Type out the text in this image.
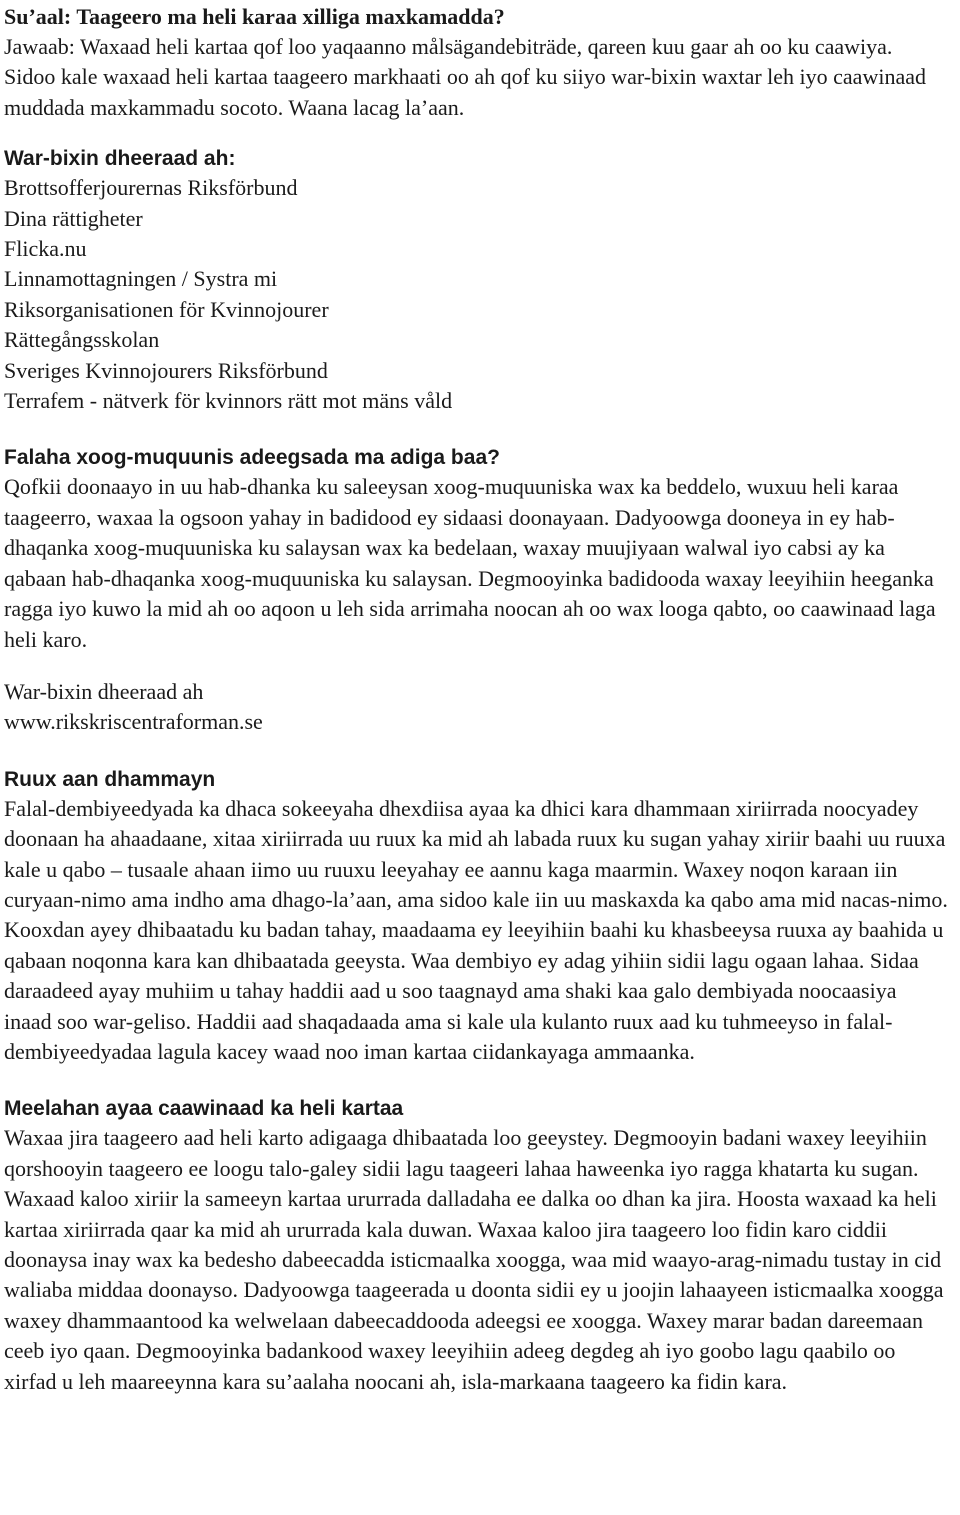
Su’aal: Taageero ma heli karaa xilliga maxkamadda?

Jawaab: Waxaad heli kartaa qof loo yaqaanno målsägandebiträde, qareen kuu gaar ah oo ku caawiya. Sidoo kale waxaad heli kartaa taageero markhaati oo ah qof ku siiyo war-bixin waxtar leh iyo caawinaad muddada maxkammadu socoto. Waana lacag la’aan.

War-bixin dheeraad ah:
Brottsofferjourernas Riksförbund
Dina rättigheter
Flicka.nu
Linnamottagningen / Systra mi
Riksorganisationen för Kvinnojourer
Rättegångsskolan
Sveriges Kvinnojourers Riksförbund
Terrafem - nätverk för kvinnors rätt mot mäns våld
Falaha xoog-muquunis adeegsada ma adiga baa?

Qofkii doonaayo in uu hab-dhanka ku saleeysan xoog-muquuniska wax ka beddelo, wuxuu heli karaa taageerro, waxaa la ogsoon yahay in badidood ey sidaasi doonayaan. Dadyoowga dooneya in ey hab-dhaqanka xoog-muquuniska ku salaysan wax ka bedelaan, waxay muujiyaan walwal iyo cabsi ay ka qabaan hab-dhaqanka xoog-muquuniska ku salaysan. Degmooyinka badidooda waxay leeyihiin heeganka ragga iyo kuwo la mid ah oo aqoon u leh sida arrimaha noocan ah oo wax looga qabto, oo caawinaad laga heli karo.

War-bixin dheeraad ah
www.rikskriscentraforman.se
Ruux aan dhammayn

Falal-dembiyeedyada ka dhaca sokeeyaha dhexdiisa ayaa ka dhici kara dhammaan xiriirrada noocyadey doonaan ha ahaadaane, xitaa xiriirrada uu ruux ka mid ah labada ruux ku sugan yahay xiriir baahi uu ruuxa kale u qabo – tusaale ahaan iimo uu ruuxu leeyahay ee aannu kaga maarmin. Waxey noqon karaan iin curyaan-nimo ama indho ama dhago-la’aan, ama sidoo kale iin uu maskaxda ka qabo ama mid nacas-nimo. Kooxdan ayey dhibaatadu ku badan tahay, maadaama ey leeyihiin baahi ku khasbeeysa ruuxa ay baahida u qabaan noqonna kara kan dhibaatada geeysta. Waa dembiyo ey adag yihiin sidii lagu ogaan lahaa. Sidaa daraadeed ayay muhiim u tahay haddii aad u soo taagnayd ama shaki kaa galo dembiyada noocaasiya inaad soo war-geliso. Haddii aad shaqadaada ama si kale ula kulanto ruux aad ku tuhmeeyso in falal-dembiyeedyadaa lagula kacey waad noo iman kartaa ciidankayaga ammaanka.

Meelahan ayaa caawinaad ka heli kartaa

Waxaa jira taageero aad heli karto adigaaga dhibaatada loo geeystey. Degmooyin badani waxey leeyihiin qorshooyin taageero ee loogu talo-galey sidii lagu taageeri lahaa haweenka iyo ragga khatarta ku sugan. Waxaad kaloo xiriir la sameeyn kartaa ururrada dalladaha ee dalka oo dhan ka jira. Hoosta waxaad ka heli kartaa xiriirrada qaar ka mid ah ururrada kala duwan. Waxaa kaloo jira taageero loo fidin karo ciddii doonaysa inay wax ka bedesho dabeecadda isticmaalka xoogga, waa mid waayo-arag-nimadu tustay in cid waliaba middaa doonayso. Dadyoowga taageerada u doonta sidii ey u joojin lahaayeen isticmaalka xoogga waxey dhammaantood ka welwelaan dabeecaddooda adeegsi ee xoogga. Waxey marar badan dareemaan ceeb iyo qaan. Degmooyinka badankood waxey leeyihiin adeeg degdeg ah iyo goobo lagu qaabilo oo xirfad u leh maareeynna kara su’aalaha noocani ah, isla-markaana taageero ka fidin kara.
